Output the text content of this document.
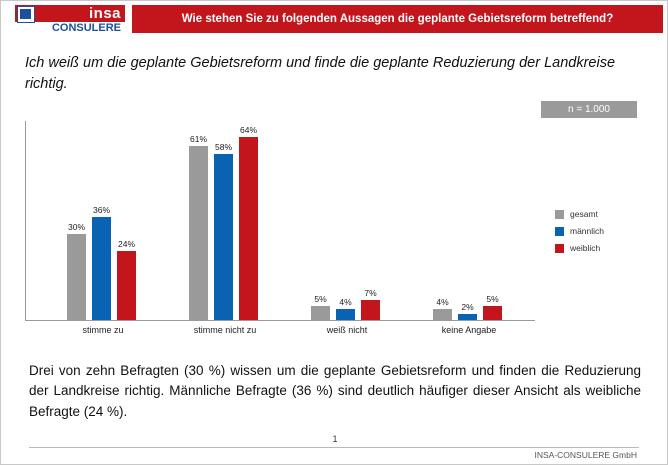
insa
CONSULERE
Wie stehen Sie zu folgenden Aussagen die geplante Gebietsreform betreffend?
Ich weiß um die geplante Gebietsreform und finde die geplante Reduzierung der Landkreise richtig.
n = 1.000
30%
36%
24%
stimme zu
61%
58%
64%
stimme nicht zu
5% 4%
7%
weiß nicht
4%
2%
5%
keine Angabe
gesamt
männlich
weiblich
Drei von zehn Befragten (30 %) wissen um die geplante Gebietsreform und finden die Reduzierung der Landkreise richtig. Männliche Befragte (36 %) sind deutlich häufiger dieser Ansicht als weibliche Befragte (24 %).
1
INSA-CONSULERE GmbH
